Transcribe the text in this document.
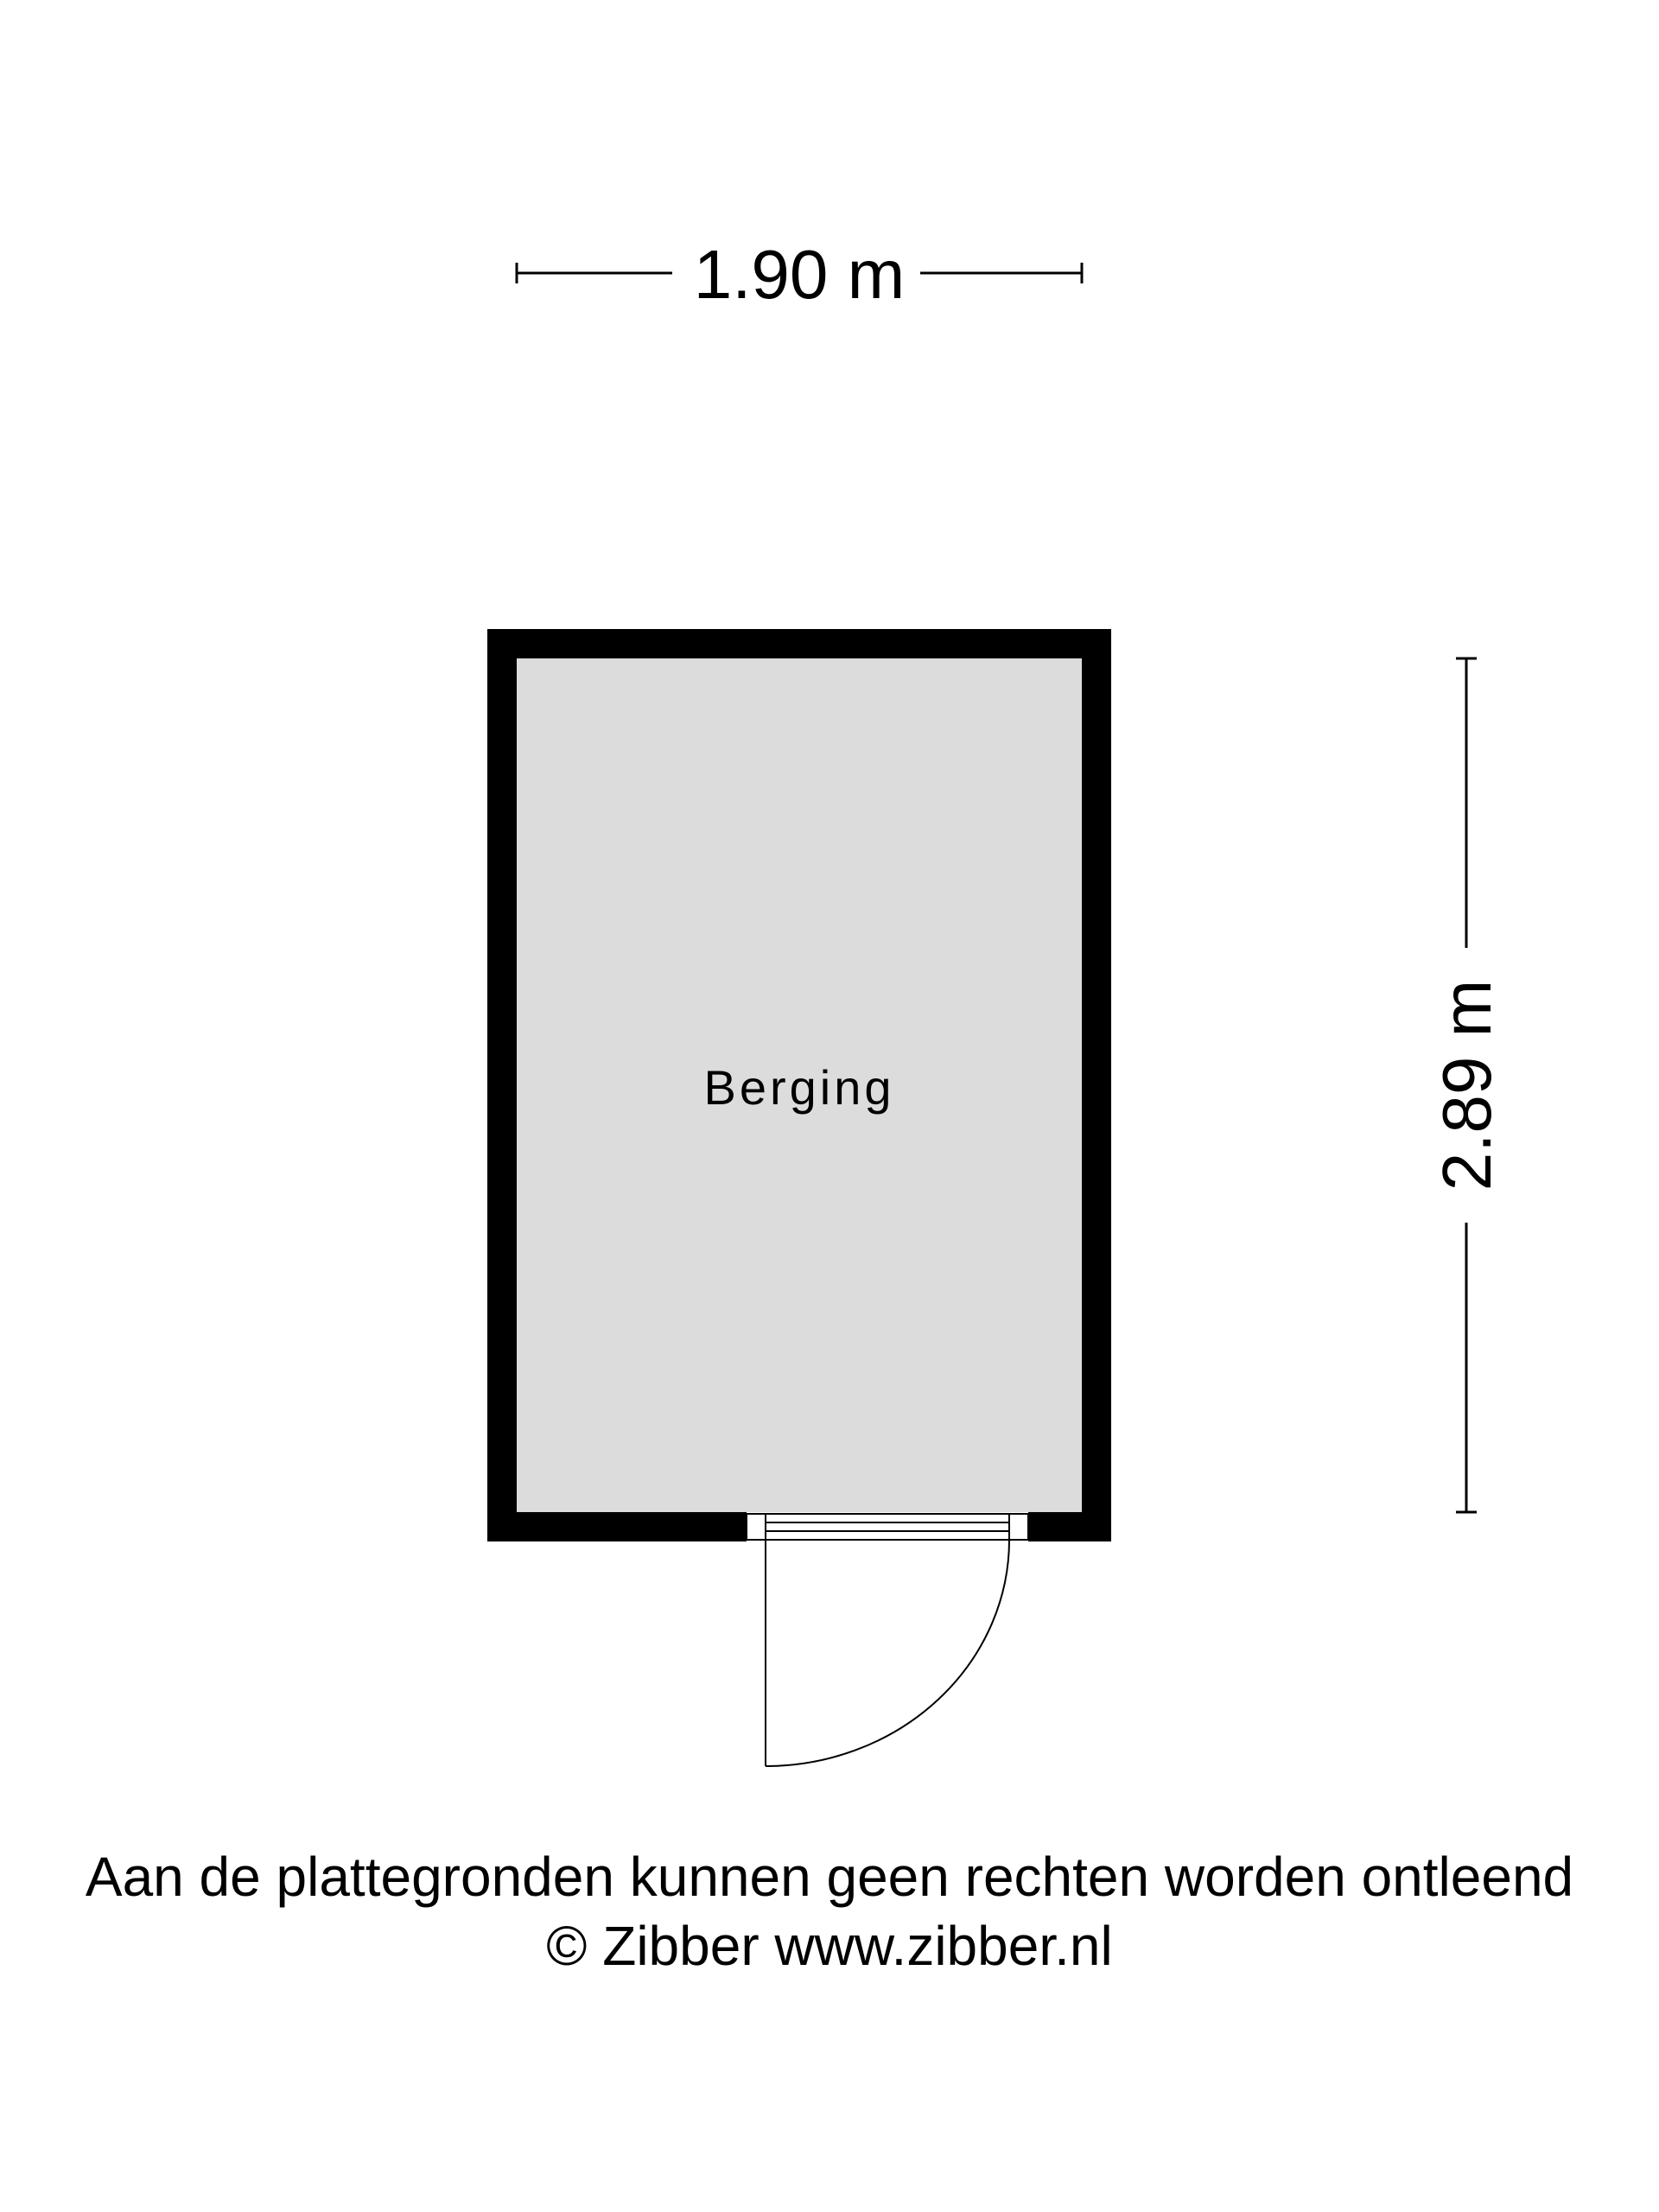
1.90 m
2.89 m
Berging
Aan de plattegronden kunnen geen rechten worden ontleend
© Zibber www.zibber.nl
